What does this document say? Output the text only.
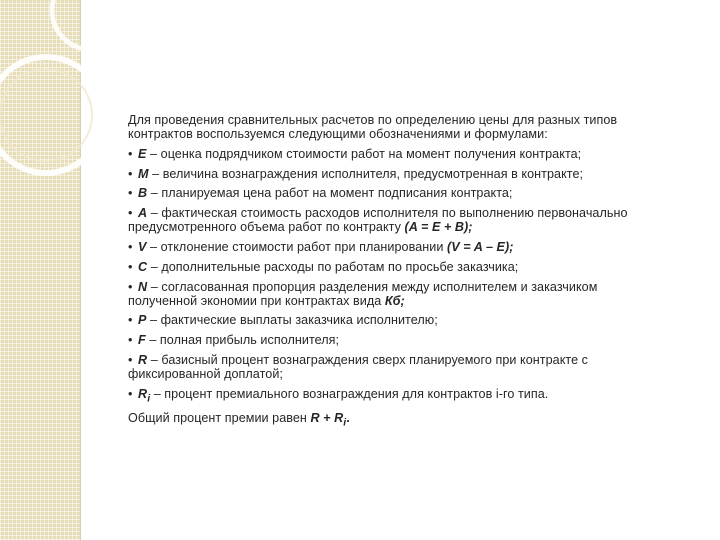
Для проведения сравнительных расчетов по определению цены для разных типов контрактов воспользуемся следующими обозначениями и формулами:

• E – оценка подрядчиком стоимости работ на момент получения контракта;

• M – величина вознаграждения исполнителя, предусмотренная в контракте;

• B – планируемая цена работ на момент подписания контракта;

• A – фактическая стоимость расходов исполнителя по выполнению первоначально предусмотренного объема работ по контракту (A = E + B);

• V – отклонение стоимости работ при планировании (V = A – E);

• C – дополнительные расходы по работам по просьбе заказчика;

• N – согласованная пропорция разделения между исполнителем и заказчиком полученной экономии при контрактах вида Кб;

• P – фактические выплаты заказчика исполнителю;

• F – полная прибыль исполнителя;

• R – базисный процент вознаграждения сверх планируемого при контракте с фиксированной доплатой;

• $R_i$ – процент премиального вознаграждения для контрактов i-го типа.

Общий процент премии равен $R + R_i$.
